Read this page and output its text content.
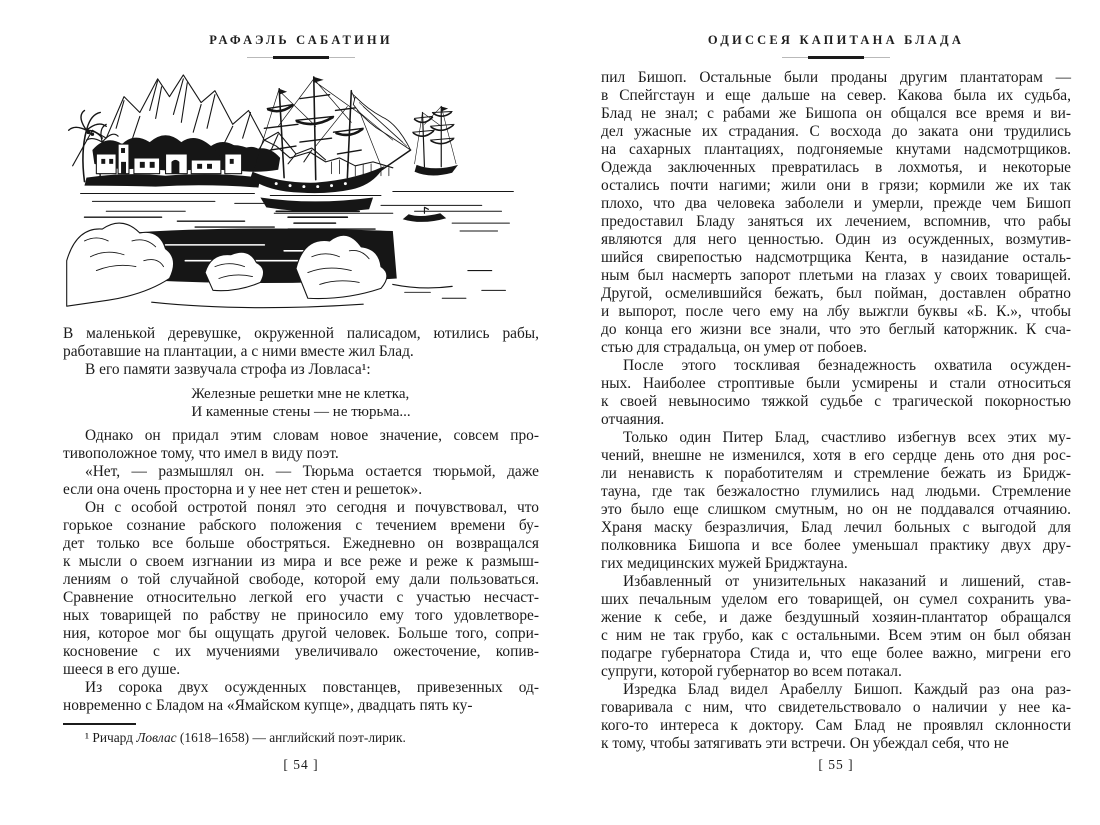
РАФАЭЛЬ САБАТИНИ
В маленькой деревушке, окруженной палисадом, ютились рабы,
работавшие на плантации, а с ними вместе жил Блад.
В его памяти зазвучала строфа из Ловласа¹:
Железные решетки мне не клетка,
И каменные стены — не тюрьма...
Однако он придал этим словам новое значение, совсем про-
тивоположное тому, что имел в виду поэт.
«Нет, — размышлял он. — Тюрьма остается тюрьмой, даже
если она очень просторна и у нее нет стен и решеток».
Он с особой остротой понял это сегодня и почувствовал, что
горькое сознание рабского положения с течением времени бу-
дет только все больше обостряться. Ежедневно он возвращался
к мысли о своем изгнании из мира и все реже и реже к размыш-
лениям о той случайной свободе, которой ему дали пользоваться.
Сравнение относительно легкой его участи с участью несчаст-
ных товарищей по рабству не приносило ему того удовлетворе-
ния, которое мог бы ощущать другой человек. Больше того, сопри-
косновение с их мучениями увеличивало ожесточение, копив-
шееся в его душе.
Из сорока двух осужденных повстанцев, привезенных од-
новременно с Бладом на «Ямайском купце», двадцать пять ку-
¹ Ричард Ловлас (1618–1658) — английский поэт-лирик.
[ 54 ]
ОДИССЕЯ КАПИТАНА БЛАДА
пил Бишоп. Остальные были проданы другим плантаторам —
в Спейгстаун и еще дальше на север. Какова была их судьба,
Блад не знал; с рабами же Бишопа он общался все время и ви-
дел ужасные их страдания. С восхода до заката они трудились
на сахарных плантациях, подгоняемые кнутами надсмотрщиков.
Одежда заключенных превратилась в лохмотья, и некоторые
остались почти нагими; жили они в грязи; кормили же их так
плохо, что два человека заболели и умерли, прежде чем Бишоп
предоставил Бладу заняться их лечением, вспомнив, что рабы
являются для него ценностью. Один из осужденных, возмутив-
шийся свирепостью надсмотрщика Кента, в назидание осталь-
ным был насмерть запорот плетьми на глазах у своих товарищей.
Другой, осмелившийся бежать, был пойман, доставлен обратно
и выпорот, после чего ему на лбу выжгли буквы «Б. К.», чтобы
до конца его жизни все знали, что это беглый каторжник. К сча-
стью для страдальца, он умер от побоев.
После этого тоскливая безнадежность охватила осужден-
ных. Наиболее строптивые были усмирены и стали относиться
к своей невыносимо тяжкой судьбе с трагической покорностью
отчаяния.
Только один Питер Блад, счастливо избегнув всех этих му-
чений, внешне не изменился, хотя в его сердце день ото дня рос-
ли ненависть к поработителям и стремление бежать из Бридж-
тауна, где так безжалостно глумились над людьми. Стремление
это было еще слишком смутным, но он не поддавался отчаянию.
Храня маску безразличия, Блад лечил больных с выгодой для
полковника Бишопа и все более уменьшал практику двух дру-
гих медицинских мужей Бриджтауна.
Избавленный от унизительных наказаний и лишений, став-
ших печальным уделом его товарищей, он сумел сохранить ува-
жение к себе, и даже бездушный хозяин-плантатор обращался
с ним не так грубо, как с остальными. Всем этим он был обязан
подагре губернатора Стида и, что еще более важно, мигрени его
супруги, которой губернатор во всем потакал.
Изредка Блад видел Арабеллу Бишоп. Каждый раз она раз-
говаривала с ним, что свидетельствовало о наличии у нее ка-
кого-то интереса к доктору. Сам Блад не проявлял склонности
к тому, чтобы затягивать эти встречи. Он убеждал себя, что не
[ 55 ]
